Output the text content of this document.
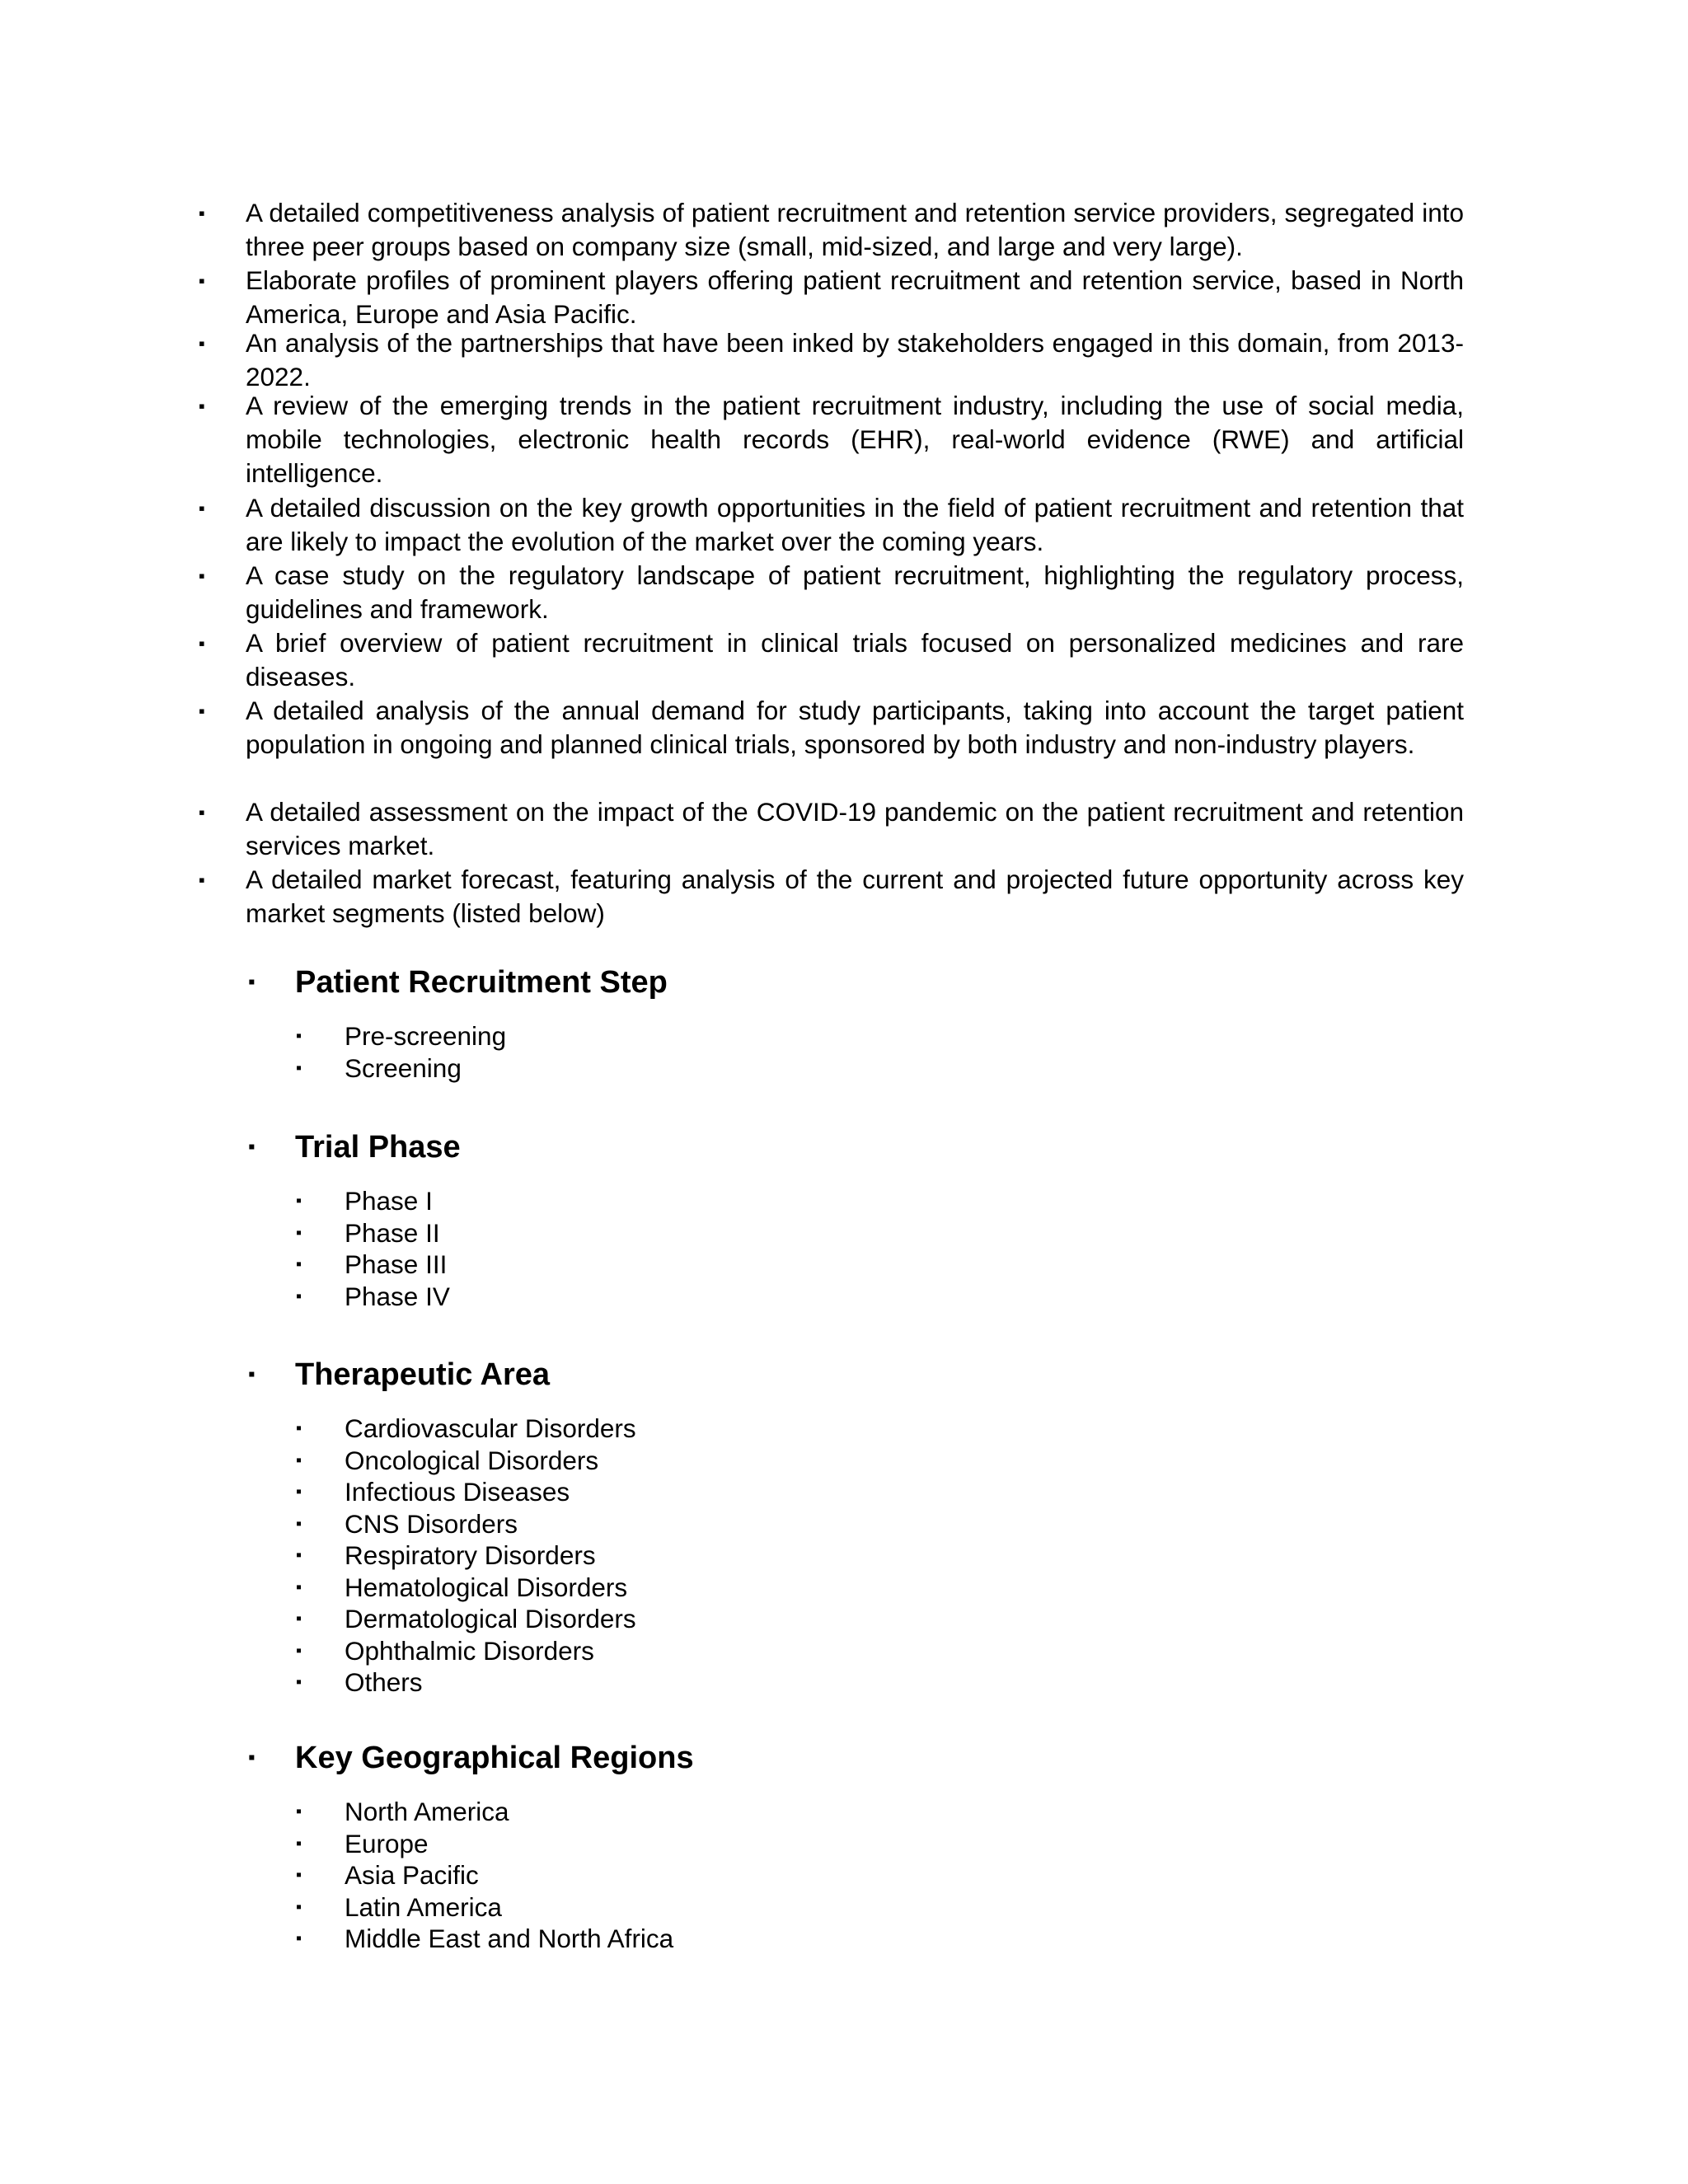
▪ A detailed competitiveness analysis of patient recruitment and retention service providers, segregated into three peer groups based on company size (small, mid-sized, and large and very large).
▪ Elaborate profiles of prominent players offering patient recruitment and retention service, based in North America, Europe and Asia Pacific.
▪ An analysis of the partnerships that have been inked by stakeholders engaged in this domain, from 2013-2022.
▪ A review of the emerging trends in the patient recruitment industry, including the use of social media, mobile technologies, electronic health records (EHR), real-world evidence (RWE) and artificial intelligence.
▪ A detailed discussion on the key growth opportunities in the field of patient recruitment and retention that are likely to impact the evolution of the market over the coming years.
▪ A case study on the regulatory landscape of patient recruitment, highlighting the regulatory process, guidelines and framework.
▪ A brief overview of patient recruitment in clinical trials focused on personalized medicines and rare diseases.
▪ A detailed analysis of the annual demand for study participants, taking into account the target patient population in ongoing and planned clinical trials, sponsored by both industry and non-industry players.
▪ A detailed assessment on the impact of the COVID-19 pandemic on the patient recruitment and retention services market.
▪ A detailed market forecast, featuring analysis of the current and projected future opportunity across key market segments (listed below)
▪ Patient Recruitment Step
▪ Pre-screening
▪ Screening
▪ Trial Phase
▪ Phase I
▪ Phase II
▪ Phase III
▪ Phase IV
▪ Therapeutic Area
▪ Cardiovascular Disorders
▪ Oncological Disorders
▪ Infectious Diseases
▪ CNS Disorders
▪ Respiratory Disorders
▪ Hematological Disorders
▪ Dermatological Disorders
▪ Ophthalmic Disorders
▪ Others
▪ Key Geographical Regions
▪ North America
▪ Europe
▪ Asia Pacific
▪ Latin America
▪ Middle East and North Africa
